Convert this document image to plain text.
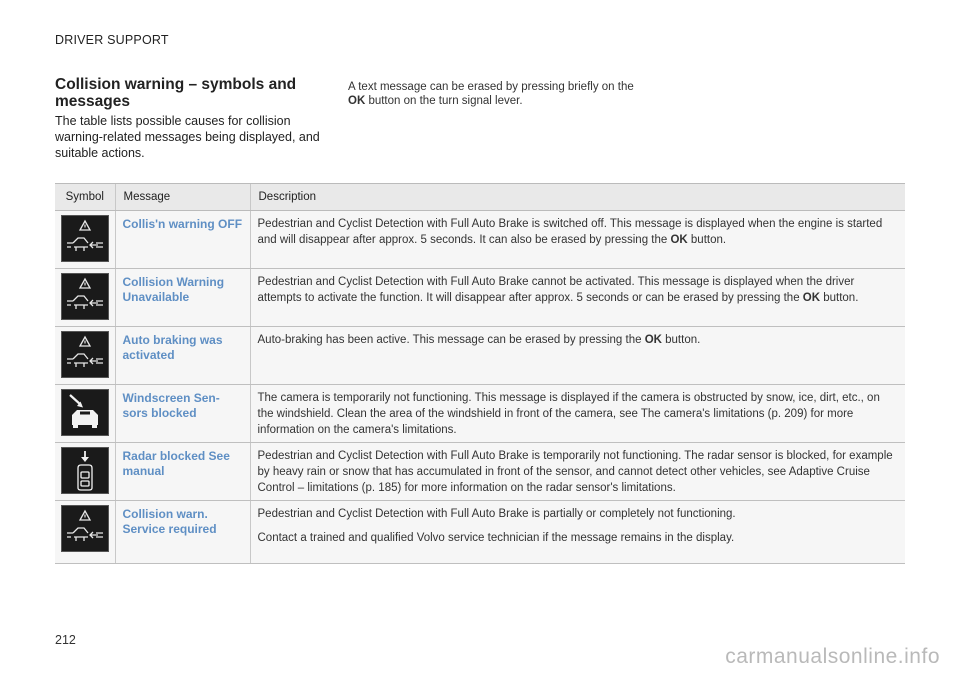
DRIVER SUPPORT
Collision warning – symbols and messages
The table lists possible causes for collision warning-related messages being displayed, and suitable actions.
A text message can be erased by pressing briefly on the OK button on the turn signal lever.
Symbol	Message	Description

Collis'n warning OFF	Pedestrian and Cyclist Detection with Full Auto Brake is switched off. This message is displayed when the engine is started and will disappear after approx. 5 seconds. It can also be erased by pressing the OK button.

Collision Warning Unavailable	Pedestrian and Cyclist Detection with Full Auto Brake cannot be activated. This message is displayed when the driver attempts to activate the function. It will disappear after approx. 5 seconds or can be erased by pressing the OK button.

Auto braking was activated	Auto-braking has been active. This message can be erased by pressing the OK button.

Windscreen Sen-sors blocked	The camera is temporarily not functioning. This message is displayed if the camera is obstructed by snow, ice, dirt, etc., on the windshield. Clean the area of the windshield in front of the camera, see The camera's limitations (p. 209) for more information on the camera's limitations.

Radar blocked See manual	Pedestrian and Cyclist Detection with Full Auto Brake is temporarily not functioning. The radar sensor is blocked, for example by heavy rain or snow that has accumulated in front of the sensor, and cannot detect other vehicles, see Adaptive Cruise Control – limitations (p. 185) for more information on the radar sensor's limitations.

Collision warn. Service required	Pedestrian and Cyclist Detection with Full Auto Brake is partially or completely not functioning.

Contact a trained and qualified Volvo service technician if the message remains in the display.

212
carmanualsonline.info
